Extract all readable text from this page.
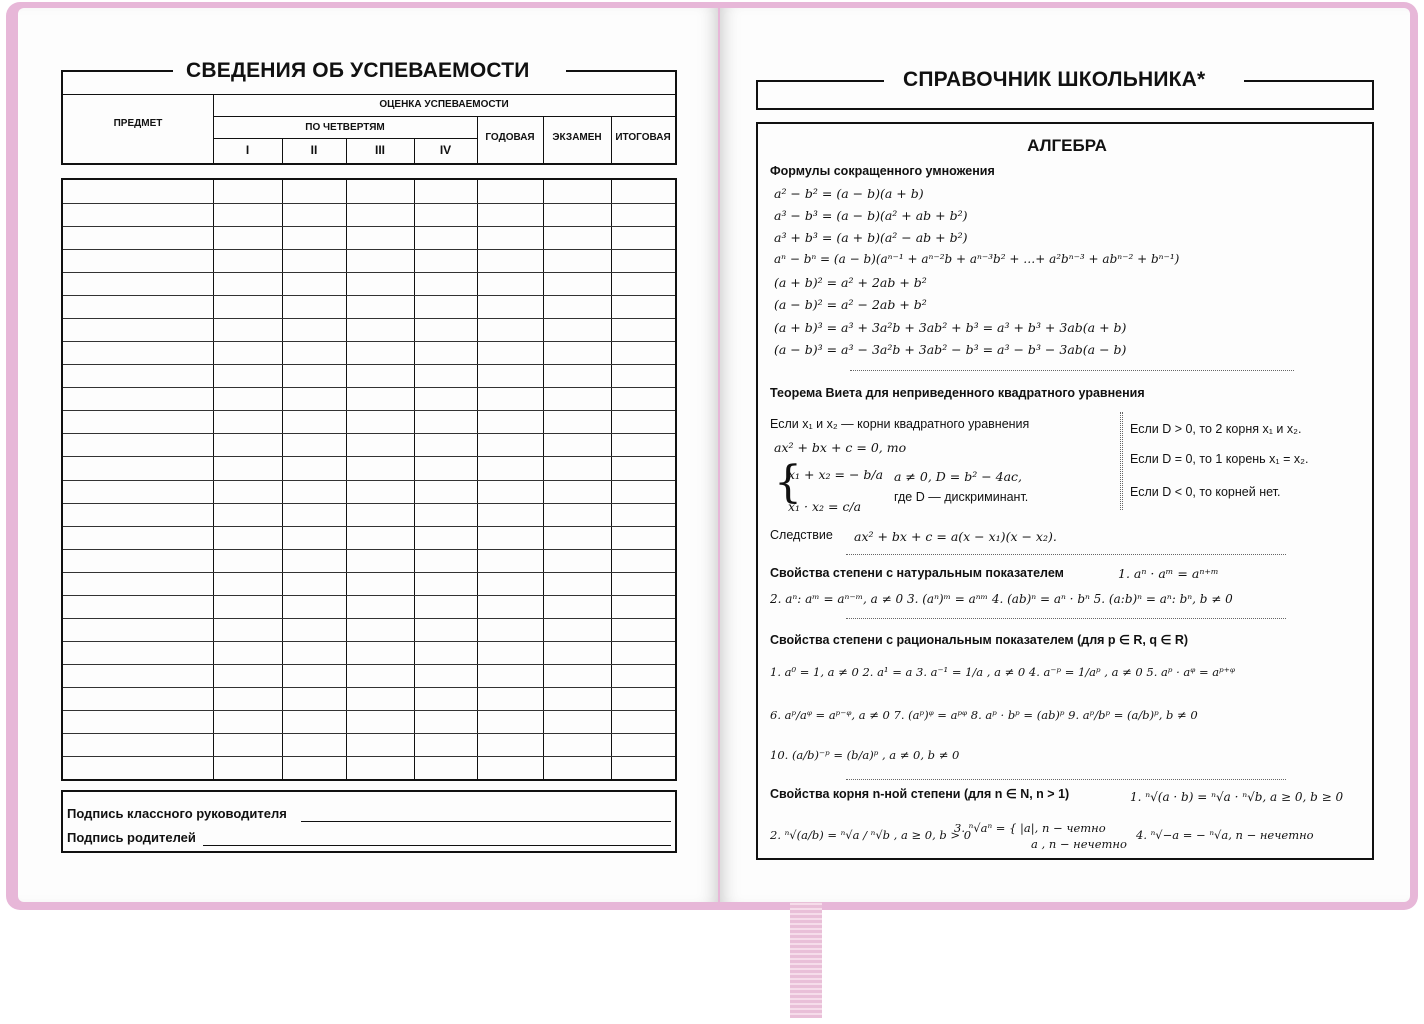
СВЕДЕНИЯ ОБ УСПЕВАЕМОСТИ
ПРЕДМЕТ
ОЦЕНКА УСПЕВАЕМОСТИ
ПО ЧЕТВЕРТЯМ
I	II	III	IV
ГОДОВАЯ	ЭКЗАМЕН	ИТОГОВАЯ
Подпись классного руководителя
Подпись родителей
СПРАВОЧНИК ШКОЛЬНИКА*
АЛГЕБРА
Формулы сокращенного умножения
a² − b² = (a − b)(a + b)
a³ − b³ = (a − b)(a² + ab + b²)
a³ + b³ = (a + b)(a² − ab + b²)
aⁿ − bⁿ = (a − b)(aⁿ⁻¹ + aⁿ⁻²b + aⁿ⁻³b² + …+ a²bⁿ⁻³ + abⁿ⁻² + bⁿ⁻¹)
(a + b)² = a² + 2ab + b²
(a − b)² = a² − 2ab + b²
(a + b)³ = a³ + 3a²b + 3ab² + b³ = a³ + b³ + 3ab(a + b)
(a − b)³ = a³ − 3a²b + 3ab² − b³ = a³ − b³ − 3ab(a − b)
Теорема Виета для неприведенного квадратного уравнения
Если x₁ и x₂ — корни квадратного уравнения
ax² + bx + c = 0, то
{
x₁ + x₂ = − b/a
x₁ · x₂ = c/a
a ≠ 0, D = b² − 4ac,
где D — дискриминант.
Если D > 0, то 2 корня x₁ и x₂.
Если D = 0, то 1 корень x₁ = x₂.
Если D < 0, то корней нет.
Следствие ax² + bx + c = a(x − x₁)(x − x₂).
Свойства степени с натуральным показателем	1. aⁿ · aᵐ = aⁿ⁺ᵐ
2. aⁿ: aᵐ = aⁿ⁻ᵐ, a ≠ 0 3. (aⁿ)ᵐ = aⁿᵐ 4. (ab)ⁿ = aⁿ · bⁿ 5. (a:b)ⁿ = aⁿ: bⁿ, b ≠ 0
Свойства степени с рациональным показателем (для p ∈ R, q ∈ R)
1. a⁰ = 1, a ≠ 0 2. a¹ = a 3. a⁻¹ = 1/a , a ≠ 0 4. a⁻ᵖ = 1/aᵖ , a ≠ 0 5. aᵖ · aᵠ = aᵖ⁺ᵠ
6. aᵖ/aᵠ = aᵖ⁻ᵠ, a ≠ 0 7. (aᵖ)ᵠ = aᵖᵠ 8. aᵖ · bᵖ = (ab)ᵖ 9. aᵖ/bᵖ = (a/b)ᵖ, b ≠ 0
10. (a/b)⁻ᵖ = (b/a)ᵖ , a ≠ 0, b ≠ 0
Свойства корня n-ной степени (для n ∈ N, n > 1)	1. ⁿ√(a · b) = ⁿ√a · ⁿ√b, a ≥ 0, b ≥ 0
2. ⁿ√(a/b) = ⁿ√a / ⁿ√b , a ≥ 0, b > 0
3. ⁿ√aⁿ = { |a|, n − четно
a , n − нечетно
4. ⁿ√−a = − ⁿ√a, n − нечетно
